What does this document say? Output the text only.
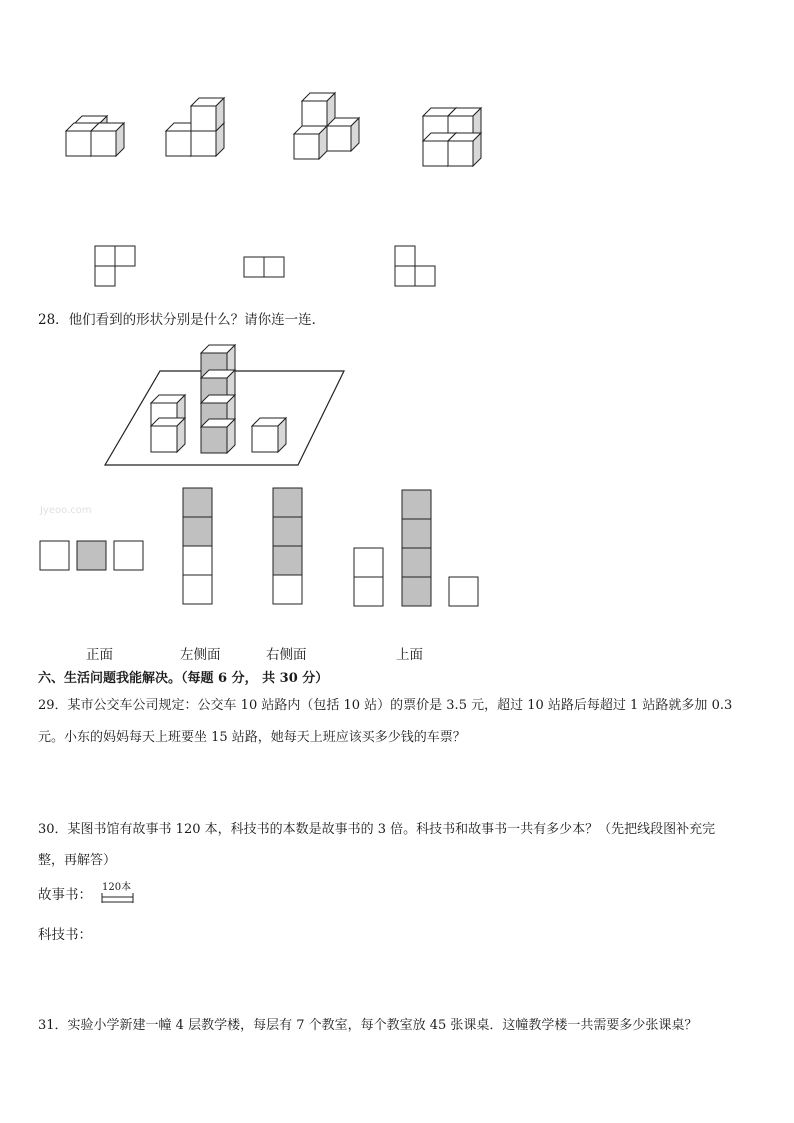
28．他们看到的形状分别是什么？请你连一连．
Jyeoo.com
正面	左侧面	右侧面	上面
六、生活问题我能解决。（每题 6 分， 共 30 分）
29．某市公交车公司规定：公交车 10 站路内（包括 10 站）的票价是 3.5 元，超过 10 站路后每超过 1 站路就多加 0.3
元。小东的妈妈每天上班要坐 15 站路，她每天上班应该买多少钱的车票？
30．某图书馆有故事书 120 本，科技书的本数是故事书的 3 倍。科技书和故事书一共有多少本？（先把线段图补充完
整，再解答）
故事书： 120本
科技书：
31．实验小学新建一幢 4 层教学楼，每层有 7 个教室，每个教室放 45 张课桌．这幢教学楼一共需要多少张课桌？
